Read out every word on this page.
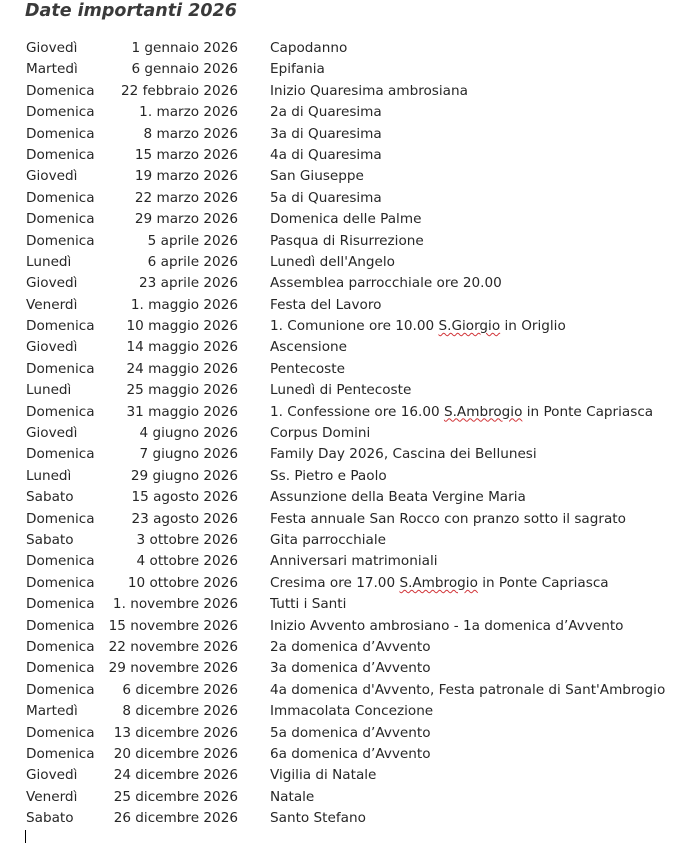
Date importanti 2026
Giovedì	1 gennaio 2026 Capodanno
Martedì	6 gennaio 2026 Epifania
Domenica 22 febbraio 2026 Inizio Quaresima ambrosiana
Domenica	1. marzo 2026 2a di Quaresima
Domenica	8 marzo 2026 3a di Quaresima
Domenica	15 marzo 2026 4a di Quaresima
Giovedì	19 marzo 2026 San Giuseppe
Domenica	22 marzo 2026 5a di Quaresima
Domenica	29 marzo 2026 Domenica delle Palme
Domenica	5 aprile 2026 Pasqua di Risurrezione
Lunedì	6 aprile 2026 Lunedì dell'Angelo
Giovedì	23 aprile 2026 Assemblea parrocchiale ore 20.00
Venerdì	1. maggio 2026 Festa del Lavoro
Domenica 10 maggio 2026 1. Comunione ore 10.00 S.Giorgio in Origlio
Giovedì	14 maggio 2026 Ascensione
Domenica 24 maggio 2026 Pentecoste
Lunedì	25 maggio 2026 Lunedì di Pentecoste
Domenica 31 maggio 2026 1. Confessione ore 16.00 S.Ambrogio in Ponte Capriasca
Giovedì	4 giugno 2026 Corpus Domini
Domenica	7 giugno 2026 Family Day 2026, Cascina dei Bellunesi
Lunedì	29 giugno 2026 Ss. Pietro e Paolo
Sabato	15 agosto 2026 Assunzione della Beata Vergine Maria
Domenica	23 agosto 2026 Festa annuale San Rocco con pranzo sotto il sagrato
Sabato	3 ottobre 2026 Gita parrocchiale
Domenica	4 ottobre 2026 Anniversari matrimoniali
Domenica 10 ottobre 2026 Cresima ore 17.00 S.Ambrogio in Ponte Capriasca
Domenica 1. novembre 2026 Tutti i Santi
Domenica 15 novembre 2026 Inizio Avvento ambrosiano - 1a domenica d’Avvento
Domenica 22 novembre 2026 2a domenica d’Avvento
Domenica 29 novembre 2026 3a domenica d’Avvento
Domenica 6 dicembre 2026 4a domenica d'Avvento, Festa patronale di Sant'Ambrogio
Martedì	8 dicembre 2026 Immacolata Concezione
Domenica 13 dicembre 2026 5a domenica d’Avvento
Domenica 20 dicembre 2026 6a domenica d’Avvento
Giovedì	24 dicembre 2026 Vigilia di Natale
Venerdì	25 dicembre 2026 Natale
Sabato	26 dicembre 2026 Santo Stefano
